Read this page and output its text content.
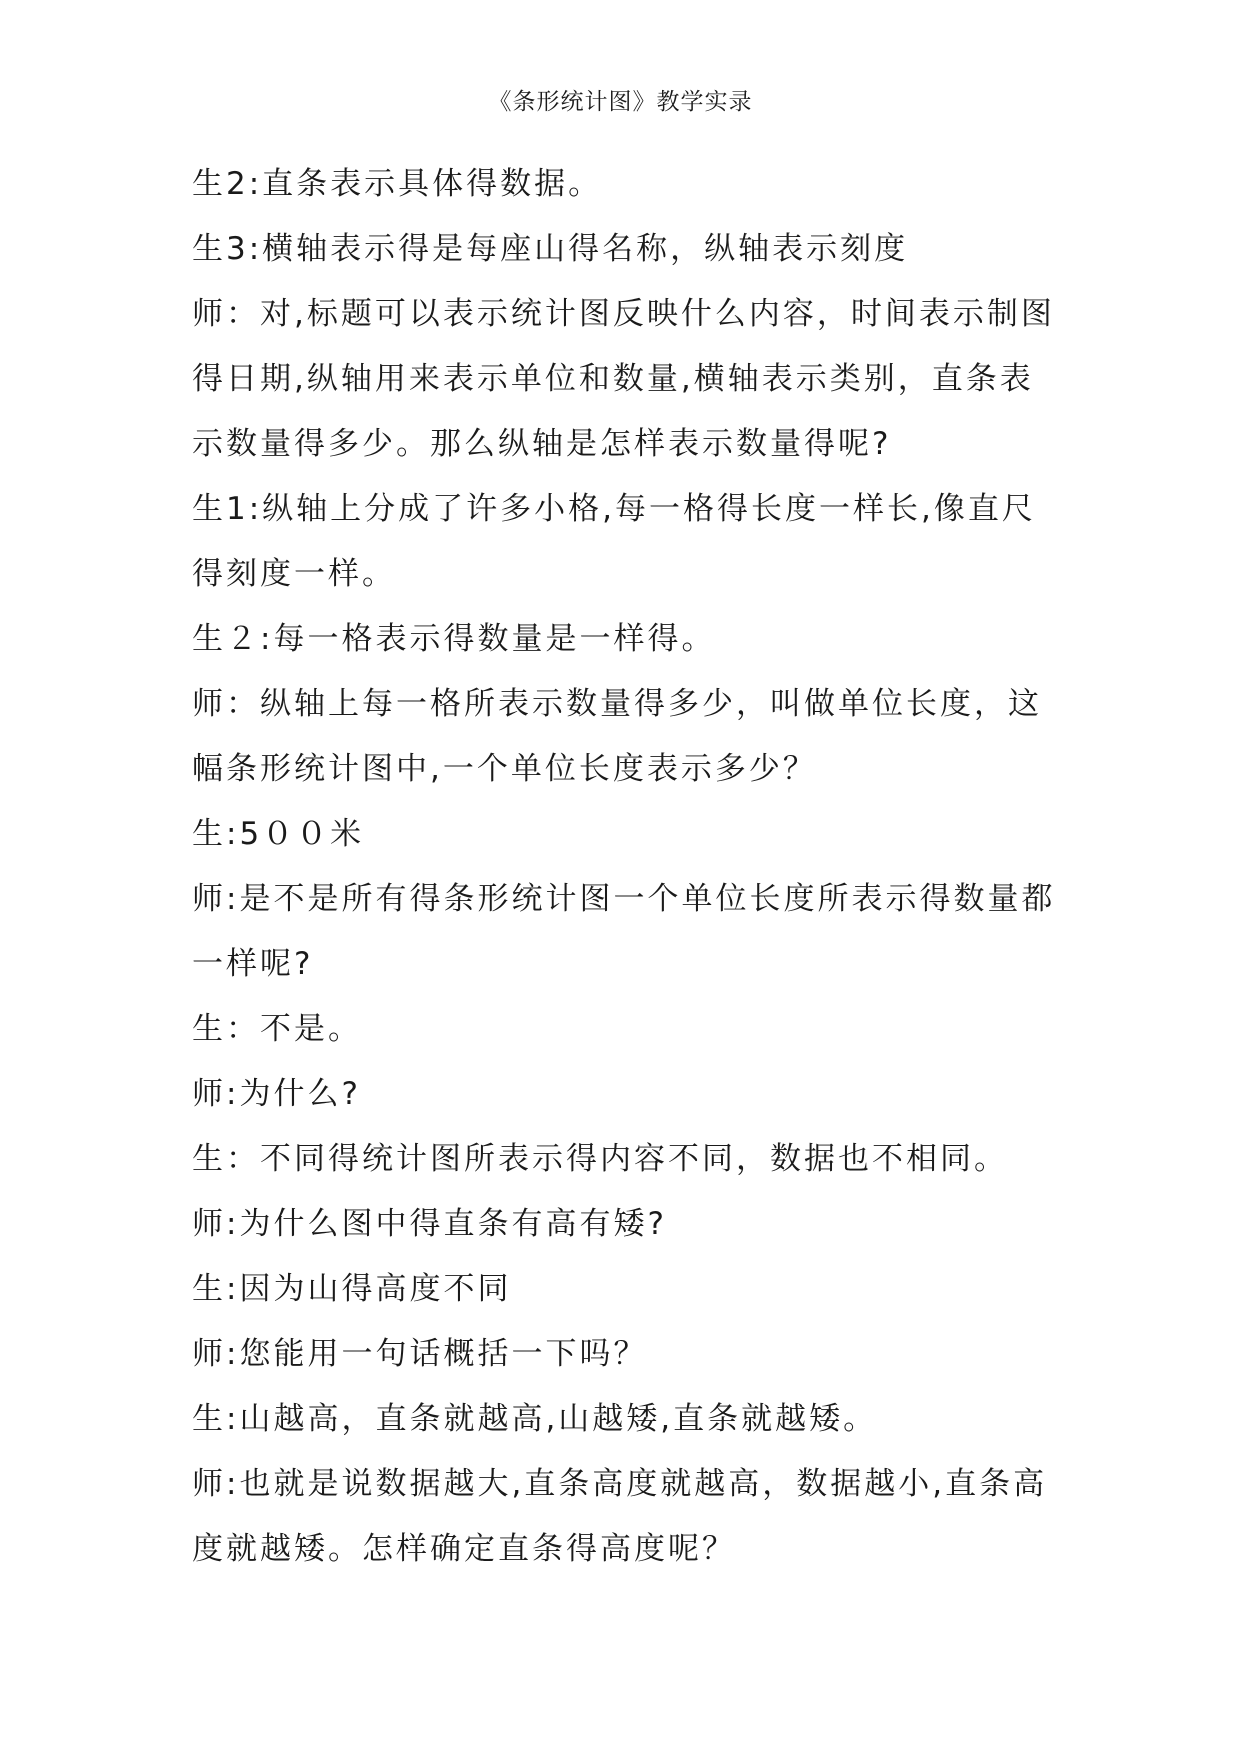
《条形统计图》教学实录
生2:直条表示具体得数据。
生3:横轴表示得是每座山得名称，纵轴表示刻度
师：对,标题可以表示统计图反映什么内容，时间表示制图
得日期,纵轴用来表示单位和数量,横轴表示类别，直条表
示数量得多少。那么纵轴是怎样表示数量得呢?
生1:纵轴上分成了许多小格,每一格得长度一样长,像直尺
得刻度一样。
生２:每一格表示得数量是一样得。
师：纵轴上每一格所表示数量得多少，叫做单位长度，这
幅条形统计图中,一个单位长度表示多少？
生:5００米
师:是不是所有得条形统计图一个单位长度所表示得数量都
一样呢?
生：不是。
师:为什么?
生：不同得统计图所表示得内容不同，数据也不相同。
师:为什么图中得直条有高有矮?
生:因为山得高度不同
师:您能用一句话概括一下吗？
生:山越高，直条就越高,山越矮,直条就越矮。
师:也就是说数据越大,直条高度就越高，数据越小,直条高
度就越矮。怎样确定直条得高度呢？
